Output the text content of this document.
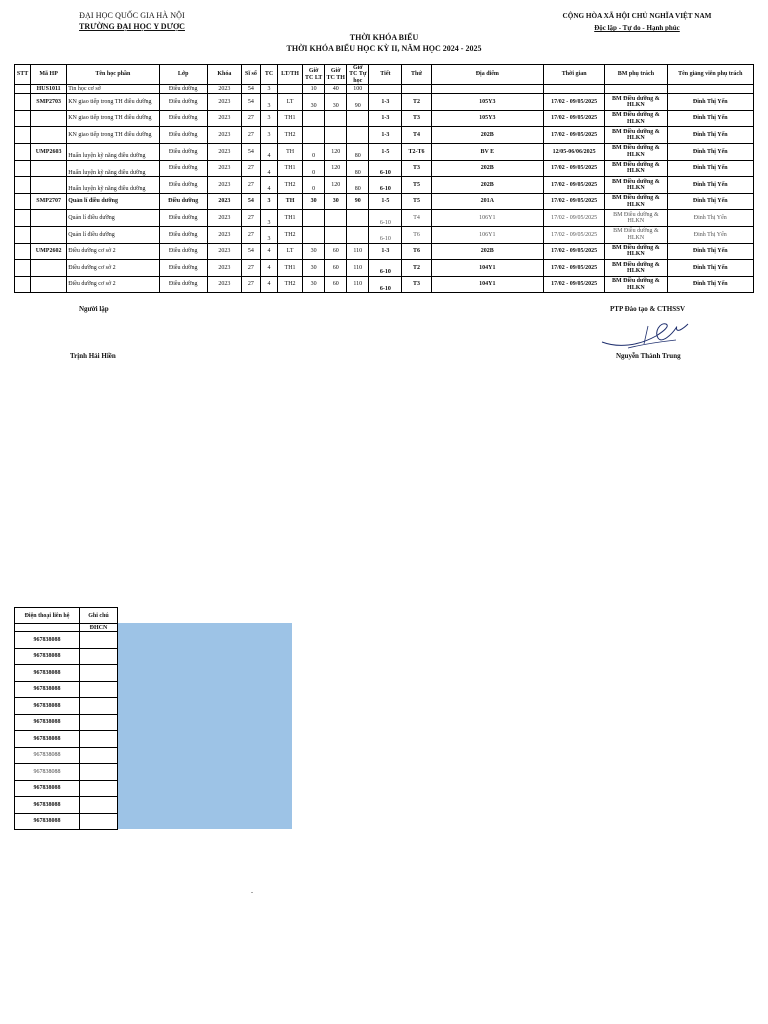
ĐẠI HỌC QUỐC GIA HÀ NỘI
TRƯỜNG ĐẠI HỌC Y DƯỢC
CỘNG HÒA XÃ HỘI CHỦ NGHĨA VIỆT NAM
Độc lập - Tự do - Hạnh phúc
THỜI KHÓA BIỂU
THỜI KHÓA BIỂU HỌC KỲ II, NĂM HỌC 2024 - 2025
STT	Mã HP	Tên học phần	Lớp	Khóa	Sĩ số	TC	LT/TH	Giờ TC LT	Giờ TC TH	Giờ TC Tự học	Tiết	Thứ	Địa điểm	Thời gian	BM phụ trách	Tên giảng viên phụ trách
	HUS1011	Tin học cơ sở	Điều dưỡng	2023	54	3		10	40	100						
	SMP2703	KN giao tiếp trong TH điều dưỡng	Điều dưỡng	2023	54	3	LT	30	30	90	1-3	T2	105Y3	17/02 - 09/05/2025	BM Điều dưỡng & HLKN	Đinh Thị Yến
		KN giao tiếp trong TH điều dưỡng	Điều dưỡng	2023	27	3	TH1				1-3	T3	105Y3	17/02 - 09/05/2025	BM Điều dưỡng & HLKN	Đinh Thị Yến
		KN giao tiếp trong TH điều dưỡng	Điều dưỡng	2023	27	3	TH2				1-3	T4	202B	17/02 - 09/05/2025	BM Điều dưỡng & HLKN	Đinh Thị Yến
	UMP2603	Huấn luyện kỹ năng điều dưỡng	Điều dưỡng	2023	54	4	TH	0	120	80	1-5	T2-T6	BV E	12/05-06/06/2025	BM Điều dưỡng & HLKN	Đinh Thị Yến
		Huấn luyện kỹ năng điều dưỡng	Điều dưỡng	2023	27	4	TH1	0	120	80	6-10	T3	202B	17/02 - 09/05/2025	BM Điều dưỡng & HLKN	Đinh Thị Yến
		Huấn luyện kỹ năng điều dưỡng	Điều dưỡng	2023	27	4	TH2	0	120	80	6-10	T5	202B	17/02 - 09/05/2025	BM Điều dưỡng & HLKN	Đinh Thị Yến
	SMP2707	Quản lí điều dưỡng	Điều dưỡng	2023	54	3	TH	30	30	90	1-5	T5	201A	17/02 - 09/05/2025	BM Điều dưỡng & HLKN	Đinh Thị Yến
		Quản lí điều dưỡng	Điều dưỡng	2023	27	3	TH1				6-10	T4	106Y1	17/02 - 09/05/2025	BM Điều dưỡng & HLKN	Đinh Thị Yến
		Quản lí điều dưỡng	Điều dưỡng	2023	27	3	TH2				6-10	T6	106Y1	17/02 - 09/05/2025	BM Điều dưỡng & HLKN	Đinh Thị Yến
	UMP2602	Điều dưỡng cơ sở 2	Điều dưỡng	2023	54	4	LT	30	60	110	1-3	T6	202B	17/02 - 09/05/2025	BM Điều dưỡng & HLKN	Đinh Thị Yến
		Điều dưỡng cơ sở 2	Điều dưỡng	2023	27	4	TH1	30	60	110	6-10	T2	104Y1	17/02 - 09/05/2025	BM Điều dưỡng & HLKN	Đinh Thị Yến
		Điều dưỡng cơ sở 2	Điều dưỡng	2023	27	4	TH2	30	60	110	6-10	T3	104Y1	17/02 - 09/05/2025	BM Điều dưỡng & HLKN	Đinh Thị Yến
Người lập
Trịnh Hải Hiền
PTP Đào tạo & CTHSSV
Nguyễn Thành Trung
Điện thoại liên hệ	Ghi chú
	ĐHCN
967838088	
967838088	
967838088	
967838088	
967838088	
967838088	
967838088	
967838088	
967838088	
967838088	
967838088	
967838088	
.
